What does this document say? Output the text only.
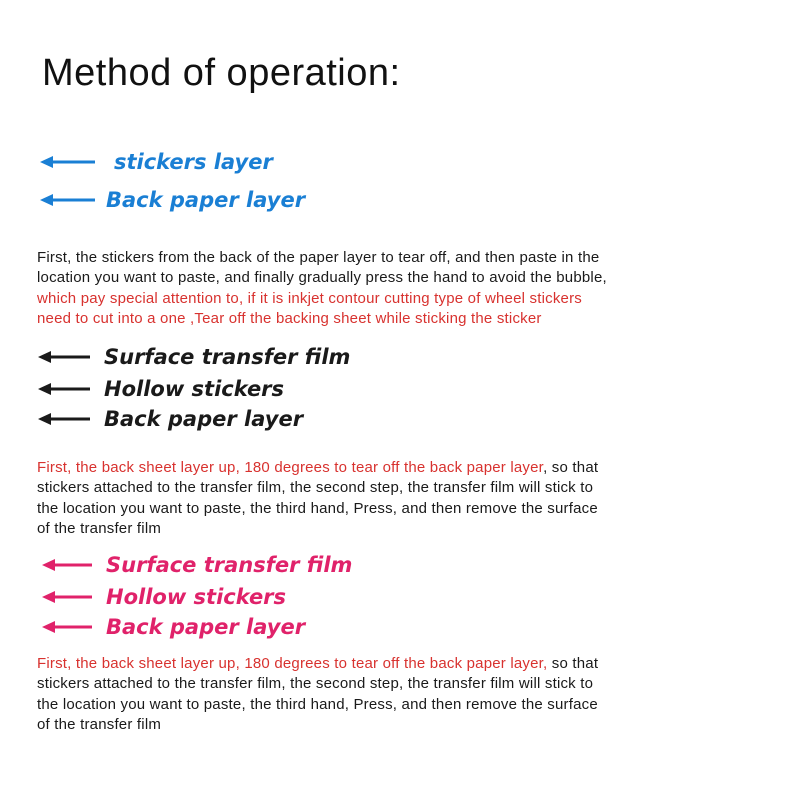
Method of operation:
stickers layer
Back paper layer

First, the stickers from the back of the paper layer to tear off, and then paste in the
location you want to paste, and finally gradually press the hand to avoid the bubble,
which pay special attention to, if it is inkjet contour cutting type of wheel stickers
need to cut into a one ,Tear off the backing sheet while sticking the sticker

Surface transfer film
Hollow stickers
Back paper layer

First, the back sheet layer up, 180 degrees to tear off the back paper layer, so that
stickers attached to the transfer film, the second step, the transfer film will stick to
the location you want to paste, the third hand, Press, and then remove the surface
of the transfer film

Surface transfer film
Hollow stickers
Back paper layer

First, the back sheet layer up, 180 degrees to tear off the back paper layer, so that
stickers attached to the transfer film, the second step, the transfer film will stick to
the location you want to paste, the third hand, Press, and then remove the surface
of the transfer film
